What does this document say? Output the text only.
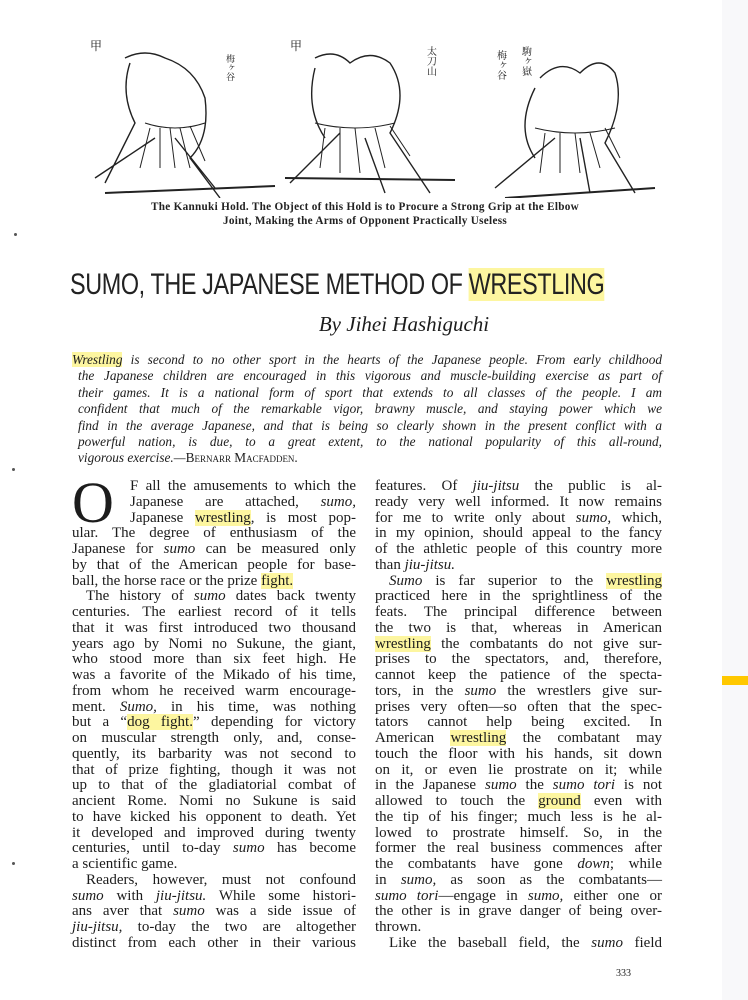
甲
梅ヶ谷
甲	太刀山	駒ヶ嶽
梅ヶ谷
The Kannuki Hold. The Object of this Hold is to Procure a Strong Grip at the Elbow
Joint, Making the Arms of Opponent Practically Useless
SUMO, THE JAPANESE METHOD OF WRESTLING
By Jihei Hashiguchi
Wrestling is second to no other sport in the hearts of the Japanese people. From early childhood
the Japanese children are encouraged in this vigorous and muscle-building exercise as part of
their games. It is a national form of sport that extends to all classes of the people. I am
confident that much of the remarkable vigor, brawny muscle, and staying power which we
find in the average Japanese, and that is being so clearly shown in the present conflict with a
powerful nation, is due, to a great extent, to the national popularity of this all-round,
vigorous exercise.—Bernarr Macfadden.
O	F all the amusements to which the
Japanese are attached, sumo,
Japanese wrestling, is most pop-
ular. The degree of enthusiasm of the
Japanese for sumo can be measured only
by that of the American people for base-
ball, the horse race or the prize fight.
The history of sumo dates back twenty
centuries. The earliest record of it tells
that it was first introduced two thousand
years ago by Nomi no Sukune, the giant,
who stood more than six feet high. He
was a favorite of the Mikado of his time,
from whom he received warm encourage-
ment. Sumo, in his time, was nothing
but a “dog fight.” depending for victory
on muscular strength only, and, conse-
quently, its barbarity was not second to
that of prize fighting, though it was not
up to that of the gladiatorial combat of
ancient Rome. Nomi no Sukune is said
to have kicked his opponent to death. Yet
it developed and improved during twenty
centuries, until to-day sumo has become
a scientific game.
Readers, however, must not confound
sumo with jiu-jitsu. While some histori-
ans aver that sumo was a side issue of
jiu-jitsu, to-day the two are altogether
distinct from each other in their various
features. Of jiu-jitsu the public is al-
ready very well informed. It now remains
for me to write only about sumo, which,
in my opinion, should appeal to the fancy
of the athletic people of this country more
than jiu-jitsu.
Sumo is far superior to the wrestling
practiced here in the sprightliness of the
feats. The principal difference between
the two is that, whereas in American
wrestling the combatants do not give sur-
prises to the spectators, and, therefore,
cannot keep the patience of the specta-
tors, in the sumo the wrestlers give sur-
prises very often—so often that the spec-
tators cannot help being excited. In
American wrestling the combatant may
touch the floor with his hands, sit down
on it, or even lie prostrate on it; while
in the Japanese sumo the sumo tori is not
allowed to touch the ground even with
the tip of his finger; much less is he al-
lowed to prostrate himself. So, in the
former the real business commences after
the combatants have gone down; while
in sumo, as soon as the combatants—
sumo tori—engage in sumo, either one or
the other is in grave danger of being over-
thrown.
Like the baseball field, the sumo field
333
